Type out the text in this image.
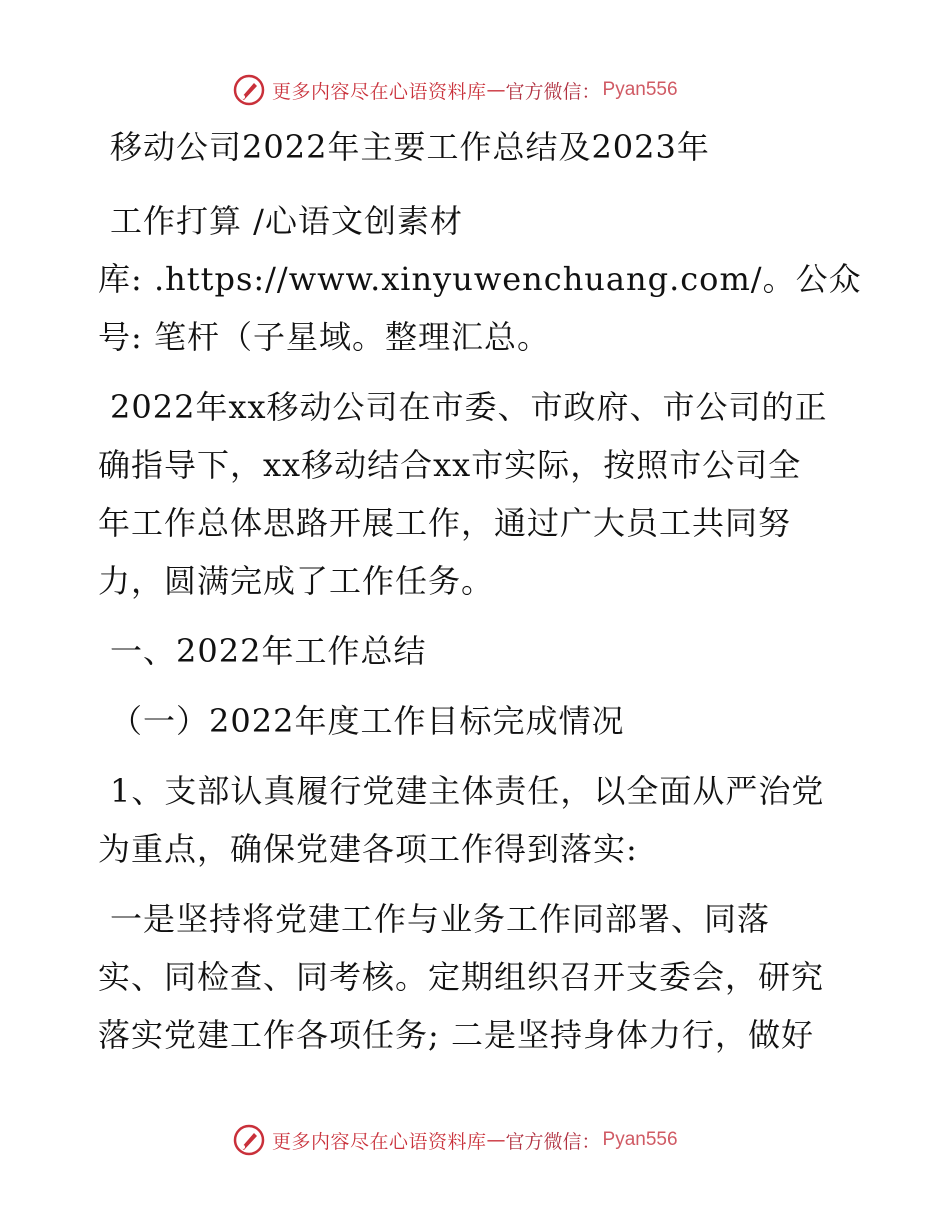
更多内容尽在心语资料库 — 官方微信： Pyan556
移动公司2022年主要工作总结及2023年
工作打算 /心语文创素材
库: .https://www.xinyuwenchuang.com/。公众
号: 笔杆（子星域。整理汇总。
2022年xx移动公司在市委、市政府、市公司的正
确指导下，xx移动结合xx市实际，按照市公司全
年工作总体思路开展工作，通过广大员工共同努
力，圆满完成了工作任务。
一、2022年工作总结
（一）2022年度工作目标完成情况
1、支部认真履行党建主体责任，以全面从严治党
为重点，确保党建各项工作得到落实:
一是坚持将党建工作与业务工作同部署、同落
实、同检查、同考核。定期组织召开支委会，研究
落实党建工作各项任务; 二是坚持身体力行，做好
更多内容尽在心语资料库 — 官方微信： Pyan556
